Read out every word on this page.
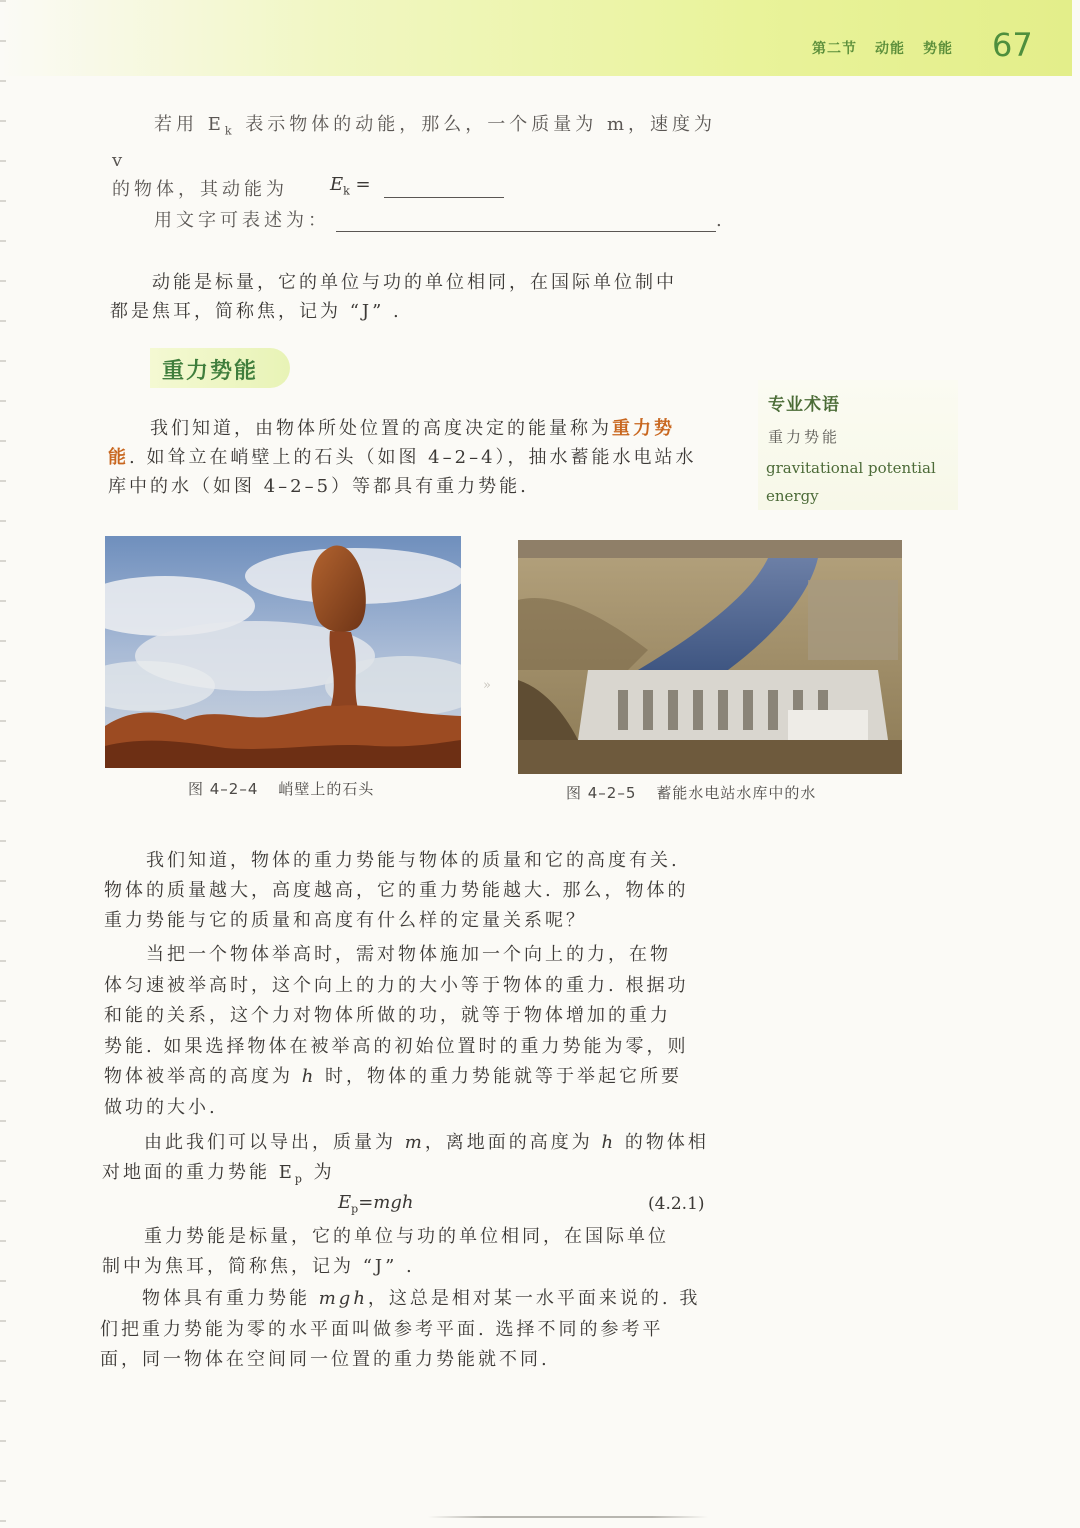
第二节 动能 势能	67

若用 $E_k$ 表示物体的动能，那么，一个质量为 m，速度为 v
的物体，其动能为	$E_k$ =
用文字可表述为：	.

动能是标量，它的单位与功的单位相同，在国际单位制中
都是焦耳，简称焦，记为 “J” .

重力势能
专业术语
重力势能
gravitational potential energy

我们知道，由物体所处位置的高度决定的能量称为重力势
能. 如耸立在峭壁上的石头（如图 4–2–4），抽水蓄能水电站水
库中的水（如图 4–2–5）等都具有重力势能.

»
图 4–2–4 峭壁上的石头	图 4–2–5 蓄能水电站水库中的水

我们知道，物体的重力势能与物体的质量和它的高度有关.
物体的质量越大，高度越高，它的重力势能越大. 那么，物体的
重力势能与它的质量和高度有什么样的定量关系呢？

当把一个物体举高时，需对物体施加一个向上的力，在物
体匀速被举高时，这个向上的力的大小等于物体的重力. 根据功
和能的关系，这个力对物体所做的功，就等于物体增加的重力
势能. 如果选择物体在被举高的初始位置时的重力势能为零，则
物体被举高的高度为 h 时，物体的重力势能就等于举起它所要
做功的大小.

由此我们可以导出，质量为 m，离地面的高度为 h 的物体相
对地面的重力势能 $E_p$ 为

$E_p=mgh$	(4.2.1)

重力势能是标量，它的单位与功的单位相同，在国际单位
制中为焦耳，简称焦，记为 “J” .

物体具有重力势能 mgh，这总是相对某一水平面来说的. 我
们把重力势能为零的水平面叫做参考平面. 选择不同的参考平
面，同一物体在空间同一位置的重力势能就不同.
